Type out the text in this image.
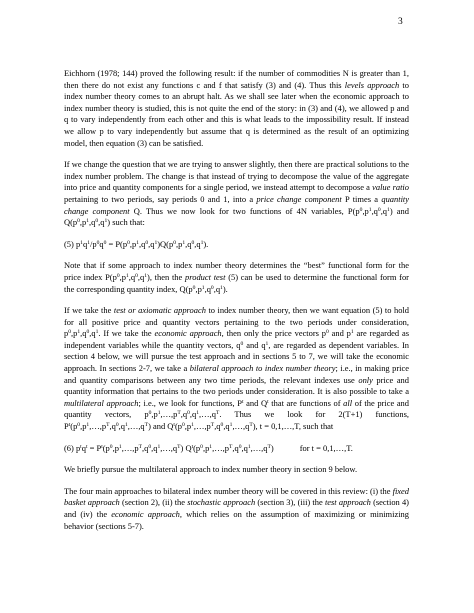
3

Eichhorn (1978; 144) proved the following result: if the number of commodities N is greater than 1, then there do not exist any functions c and f that satisfy (3) and (4). Thus this levels approach to index number theory comes to an abrupt halt. As we shall see later when the economic approach to index number theory is studied, this is not quite the end of the story: in (3) and (4), we allowed p and q to vary independently from each other and this is what leads to the impossibility result. If instead we allow p to vary independently but assume that q is determined as the result of an optimizing model, then equation (3) can be satisfied.

If we change the question that we are trying to answer slightly, then there are practical solutions to the index number problem. The change is that instead of trying to decompose the value of the aggregate into price and quantity components for a single period, we instead attempt to decompose a value ratio pertaining to two periods, say periods 0 and 1, into a price change component P times a quantity change component Q. Thus we now look for two functions of 4N variables, $P(p^0,p^1,q^0,q^1)$ and $Q(p^0,p^1,q^0,q^1)$ such that:

(5) $p^1q^1/p^0q^0 = P(p^0,p^1,q^0,q^1)Q(p^0,p^1,q^0,q^1)$.

Note that if some approach to index number theory determines the “best” functional form for the price index $P(p^0,p^1,q^0,q^1)$, then the product test (5) can be used to determine the functional form for the corresponding quantity index, $Q(p^0,p^1,q^0,q^1)$.

If we take the test or axiomatic approach to index number theory, then we want equation (5) to hold for all positive price and quantity vectors pertaining to the two periods under consideration, $p^0,p^1,q^0,q^1$. If we take the economic approach, then only the price vectors $p^0$ and $p^1$ are regarded as independent variables while the quantity vectors, $q^0$ and $q^1$, are regarded as dependent variables. In section 4 below, we will pursue the test approach and in sections 5 to 7, we will take the economic approach. In sections 2-7, we take a bilateral approach to index number theory; i.e., in making price and quantity comparisons between any two time periods, the relevant indexes use only price and quantity information that pertains to the two periods under consideration. It is also possible to take a multilateral approach; i.e., we look for functions, $P^t$ and $Q^t$ that are functions of all of the price and quantity vectors, $p^0,p^1,\dots,p^T,q^0,q^1,\dots,q^T$. Thus we look for 2(T+1) functions, $P^t(p^0,p^1,\dots,p^T,q^0,q^1,\dots,q^T)$ and $Q^t(p^0,p^1,\dots,p^T,q^0,q^1,\dots,q^T)$, t = 0,1,…,T, such that

(6) $p^tq^t$ = $P^t(p^0,p^1,\dots,p^T,q^0,q^1,\dots,q^T)$ $Q^t(p^0,p^1,\dots,p^T,q^0,q^1,\dots,q^T)$	for t = 0,1,…,T.

We briefly pursue the multilateral approach to index number theory in section 9 below.

The four main approaches to bilateral index number theory will be covered in this review: (i) the fixed basket approach (section 2), (ii) the stochastic approach (section 3), (iii) the test approach (section 4) and (iv) the economic approach, which relies on the assumption of maximizing or minimizing behavior (sections 5-7).
